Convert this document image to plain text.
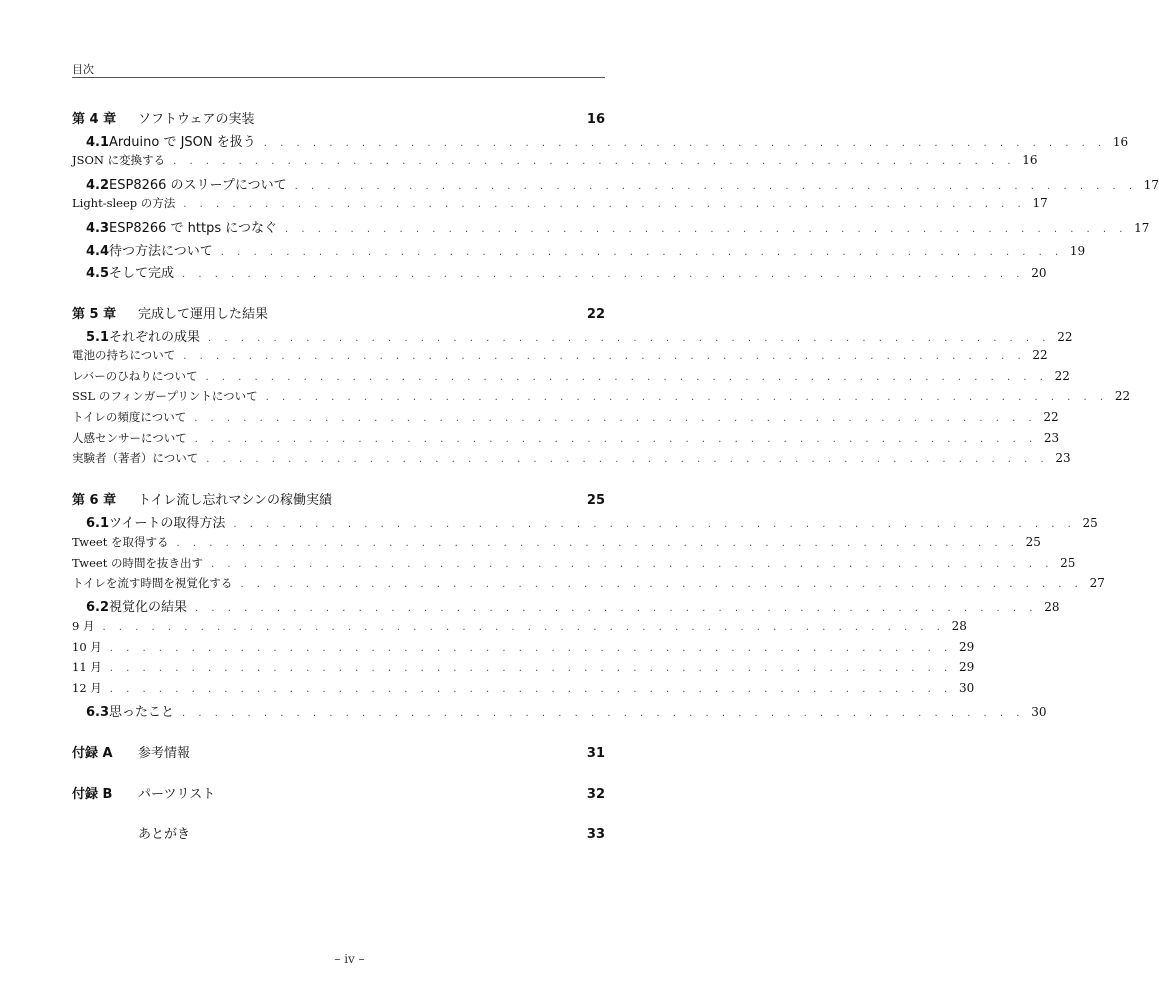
目次
第 4 章	ソフトウェアの実装	16
4.1 Arduino で JSON を扱う . . . . . . . . . . . . . . . . . . . . . . . . . . . . . . . . . . . . . . . . . . . . . . . . . . . . 16
JSON に変換する . . . . . . . . . . . . . . . . . . . . . . . . . . . . . . . . . . . . . . . . . . . . . . . . . . . . 16
4.2 ESP8266 のスリープについて . . . . . . . . . . . . . . . . . . . . . . . . . . . . . . . . . . . . . . . . . . . . . . . . . . . . 17
Light-sleep の方法 . . . . . . . . . . . . . . . . . . . . . . . . . . . . . . . . . . . . . . . . . . . . . . . . . . . . 17
4.3 ESP8266 で https につなぐ . . . . . . . . . . . . . . . . . . . . . . . . . . . . . . . . . . . . . . . . . . . . . . . . . . . . 17
4.4 待つ方法について . . . . . . . . . . . . . . . . . . . . . . . . . . . . . . . . . . . . . . . . . . . . . . . . . . . . 19
4.5 そして完成 . . . . . . . . . . . . . . . . . . . . . . . . . . . . . . . . . . . . . . . . . . . . . . . . . . . . 20
第 5 章	完成して運用した結果	22
5.1 それぞれの成果 . . . . . . . . . . . . . . . . . . . . . . . . . . . . . . . . . . . . . . . . . . . . . . . . . . . . 22
電池の持ちについて . . . . . . . . . . . . . . . . . . . . . . . . . . . . . . . . . . . . . . . . . . . . . . . . . . . . 22
レバーのひねりについて . . . . . . . . . . . . . . . . . . . . . . . . . . . . . . . . . . . . . . . . . . . . . . . . . . . . 22
SSL のフィンガープリントについて . . . . . . . . . . . . . . . . . . . . . . . . . . . . . . . . . . . . . . . . . . . . . . . . . . . . 22
トイレの頻度について . . . . . . . . . . . . . . . . . . . . . . . . . . . . . . . . . . . . . . . . . . . . . . . . . . . . 22
人感センサーについて . . . . . . . . . . . . . . . . . . . . . . . . . . . . . . . . . . . . . . . . . . . . . . . . . . . . 23
実験者（著者）について . . . . . . . . . . . . . . . . . . . . . . . . . . . . . . . . . . . . . . . . . . . . . . . . . . . . 23
第 6 章	トイレ流し忘れマシンの稼働実績	25
6.1 ツイートの取得方法 . . . . . . . . . . . . . . . . . . . . . . . . . . . . . . . . . . . . . . . . . . . . . . . . . . . . 25
Tweet を取得する . . . . . . . . . . . . . . . . . . . . . . . . . . . . . . . . . . . . . . . . . . . . . . . . . . . . 25
Tweet の時間を抜き出す . . . . . . . . . . . . . . . . . . . . . . . . . . . . . . . . . . . . . . . . . . . . . . . . . . . . 25
トイレを流す時間を視覚化する . . . . . . . . . . . . . . . . . . . . . . . . . . . . . . . . . . . . . . . . . . . . . . . . . . . . 27
6.2 視覚化の結果 . . . . . . . . . . . . . . . . . . . . . . . . . . . . . . . . . . . . . . . . . . . . . . . . . . . . 28
9 月 . . . . . . . . . . . . . . . . . . . . . . . . . . . . . . . . . . . . . . . . . . . . . . . . . . . . 28
10 月 . . . . . . . . . . . . . . . . . . . . . . . . . . . . . . . . . . . . . . . . . . . . . . . . . . . . 29
11 月 . . . . . . . . . . . . . . . . . . . . . . . . . . . . . . . . . . . . . . . . . . . . . . . . . . . . 29
12 月 . . . . . . . . . . . . . . . . . . . . . . . . . . . . . . . . . . . . . . . . . . . . . . . . . . . . 30
6.3 思ったこと . . . . . . . . . . . . . . . . . . . . . . . . . . . . . . . . . . . . . . . . . . . . . . . . . . . . 30
付録 A	参考情報	31
付録 B	パーツリスト	32
あとがき	33
– iv –
